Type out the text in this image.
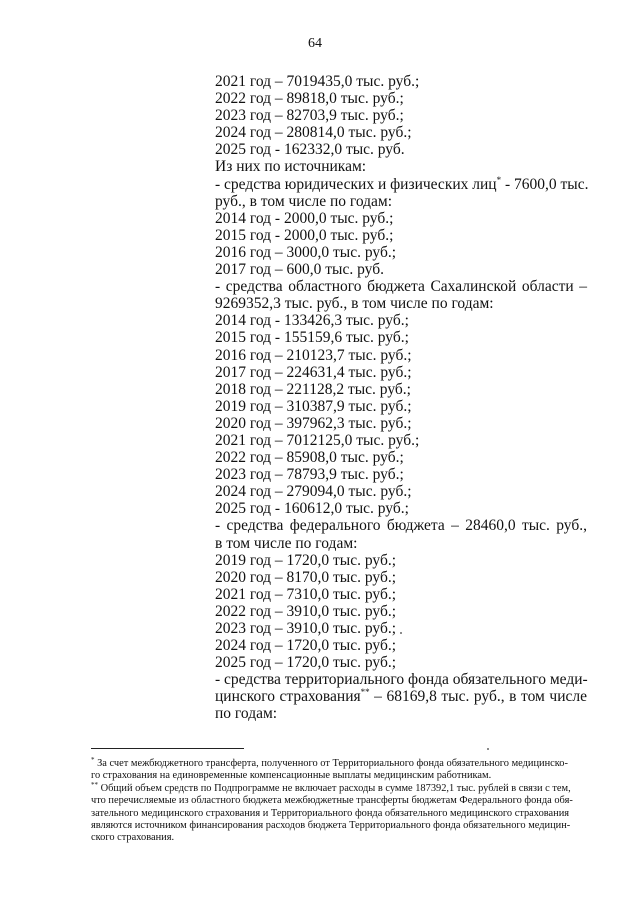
64
2021 год – 7019435,0 тыс. руб.;
2022 год – 89818,0 тыс. руб.;
2023 год – 82703,9 тыс. руб.;
2024 год – 280814,0 тыс. руб.;
2025 год - 162332,0 тыс. руб.
Из них по источникам:
- средства юридических и физических лиц* - 7600,0 тыс.
руб., в том числе по годам:
2014 год - 2000,0 тыс. руб.;
2015 год - 2000,0 тыс. руб.;
2016 год – 3000,0 тыс. руб.;
2017 год – 600,0 тыс. руб.
- средства областного бюджета Сахалинской области –
9269352,3 тыс. руб., в том числе по годам:
2014 год - 133426,3 тыс. руб.;
2015 год - 155159,6 тыс. руб.;
2016 год – 210123,7 тыс. руб.;
2017 год – 224631,4 тыс. руб.;
2018 год – 221128,2 тыс. руб.;
2019 год – 310387,9 тыс. руб.;
2020 год – 397962,3 тыс. руб.;
2021 год – 7012125,0 тыс. руб.;
2022 год – 85908,0 тыс. руб.;
2023 год – 78793,9 тыс. руб.;
2024 год – 279094,0 тыс. руб.;
2025 год - 160612,0 тыс. руб.;
- средства федерального бюджета – 28460,0 тыс. руб.,
в том числе по годам:
2019 год – 1720,0 тыс. руб.;
2020 год – 8170,0 тыс. руб.;
2021 год – 7310,0 тыс. руб.;
2022 год – 3910,0 тыс. руб.;
2023 год – 3910,0 тыс. руб.;
2024 год – 1720,0 тыс. руб.;
2025 год – 1720,0 тыс. руб.;
- средства территориального фонда обязательного меди-
цинского страхования** – 68169,8 тыс. руб., в том числе
по годам:
* За счет межбюджетного трансферта, полученного от Территориального фонда обязательного медицинско-
го страхования на единовременные компенсационные выплаты медицинским работникам.
** Общий объем средств по Подпрограмме не включает расходы в сумме 187392,1 тыс. рублей в связи с тем,
что перечисляемые из областного бюджета межбюджетные трансферты бюджетам Федерального фонда обя-
зательного медицинского страхования и Территориального фонда обязательного медицинского страхования
являются источником финансирования расходов бюджета Территориального фонда обязательного медицин-
ского страхования.
